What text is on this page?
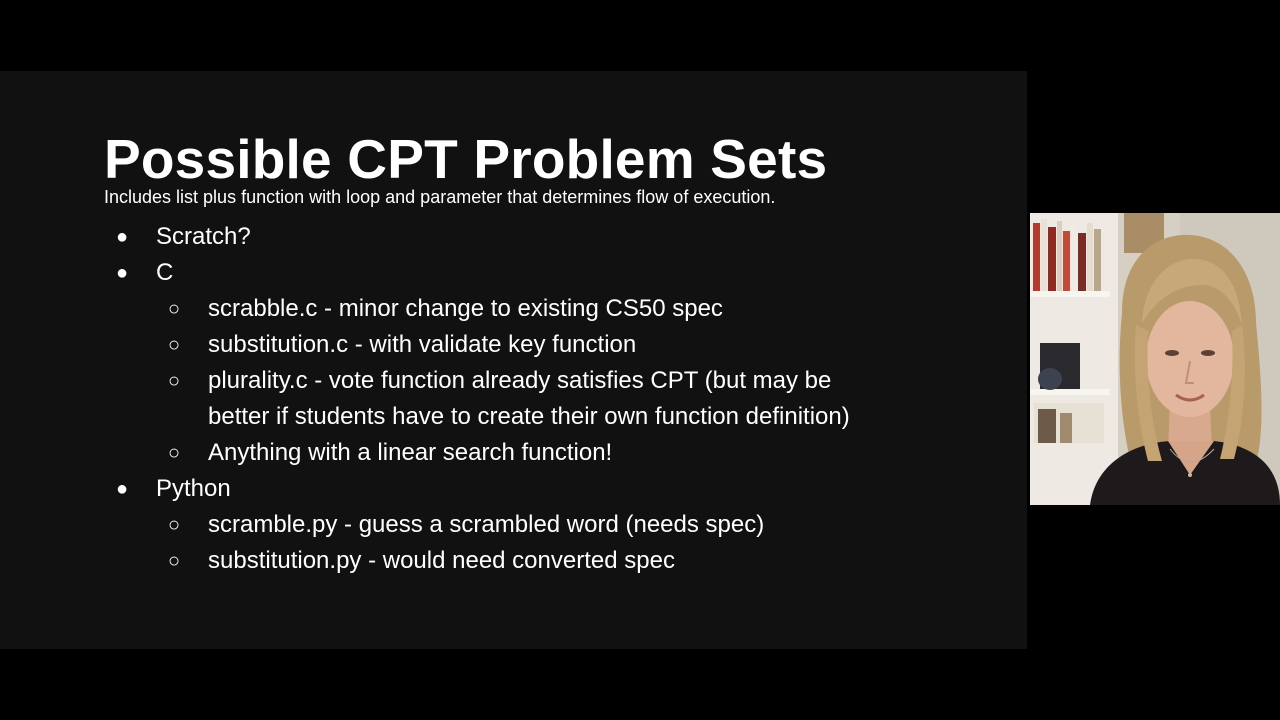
Possible CPT Problem Sets
Includes list plus function with loop and parameter that determines flow of execution.
● Scratch?
● C
○ scrabble.c - minor change to existing CS50 spec
○ substitution.c - with validate key function
○ plurality.c - vote function already satisfies CPT (but may be
better if students have to create their own function definition)
○ Anything with a linear search function!
● Python
○ scramble.py - guess a scrambled word (needs spec)
○ substitution.py - would need converted spec
